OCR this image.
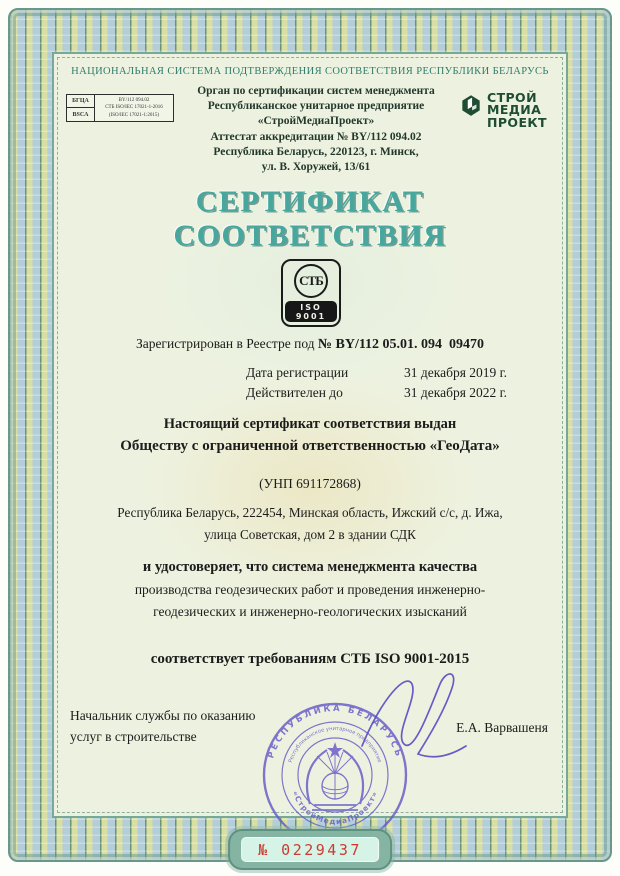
НАЦИОНАЛЬНАЯ СИСТЕМА ПОДТВЕРЖДЕНИЯ СООТВЕТСТВИЯ РЕСПУБЛИКИ БЕЛАРУСЬ
БГЦА
BSCA
BY/112 094.02
СТБ ISO/IEC 17021-1-2016
(ISO/IEC 17021-1:2015)
Орган по сертификации систем менеджмента
Республиканское унитарное предприятие
«СтройМедиаПроект»
Аттестат аккредитации № BY/112 094.02
Республика Беларусь, 220123, г. Минск,
ул. В. Хоружей, 13/61
СТРОЙ
МЕДИА
ПРОЕКТ
СЕРТИФИКАТ СООТВЕТСТВИЯ
СТБ
ISO 9001
Зарегистрирован в Реестре под № BY/112 05.01. 094  09470
Дата регистрации	31 декабря 2019 г.
Действителен до	31 декабря 2022 г.
Настоящий сертификат соответствия выдан
Обществу с ограниченной ответственностью «ГеоДата»
(УНП 691172868)
Республика Беларусь, 222454, Минская область, Ижский с/с, д. Ижа,
улица Советская, дом 2 в здании СДК
и удостоверяет, что система менеджмента качества
производства геодезических работ и проведения инженерно-
геодезических и инженерно-геологических изысканий
соответствует требованиям СТБ ISO 9001-2015
Начальник службы по оказанию
услуг в строительстве
Е.А. Варвашеня
РЕСПУБЛИКА БЕЛАРУСЬ
Республиканское унитарное предприятие
«СтройМедиаПроект»
№ 0229437
